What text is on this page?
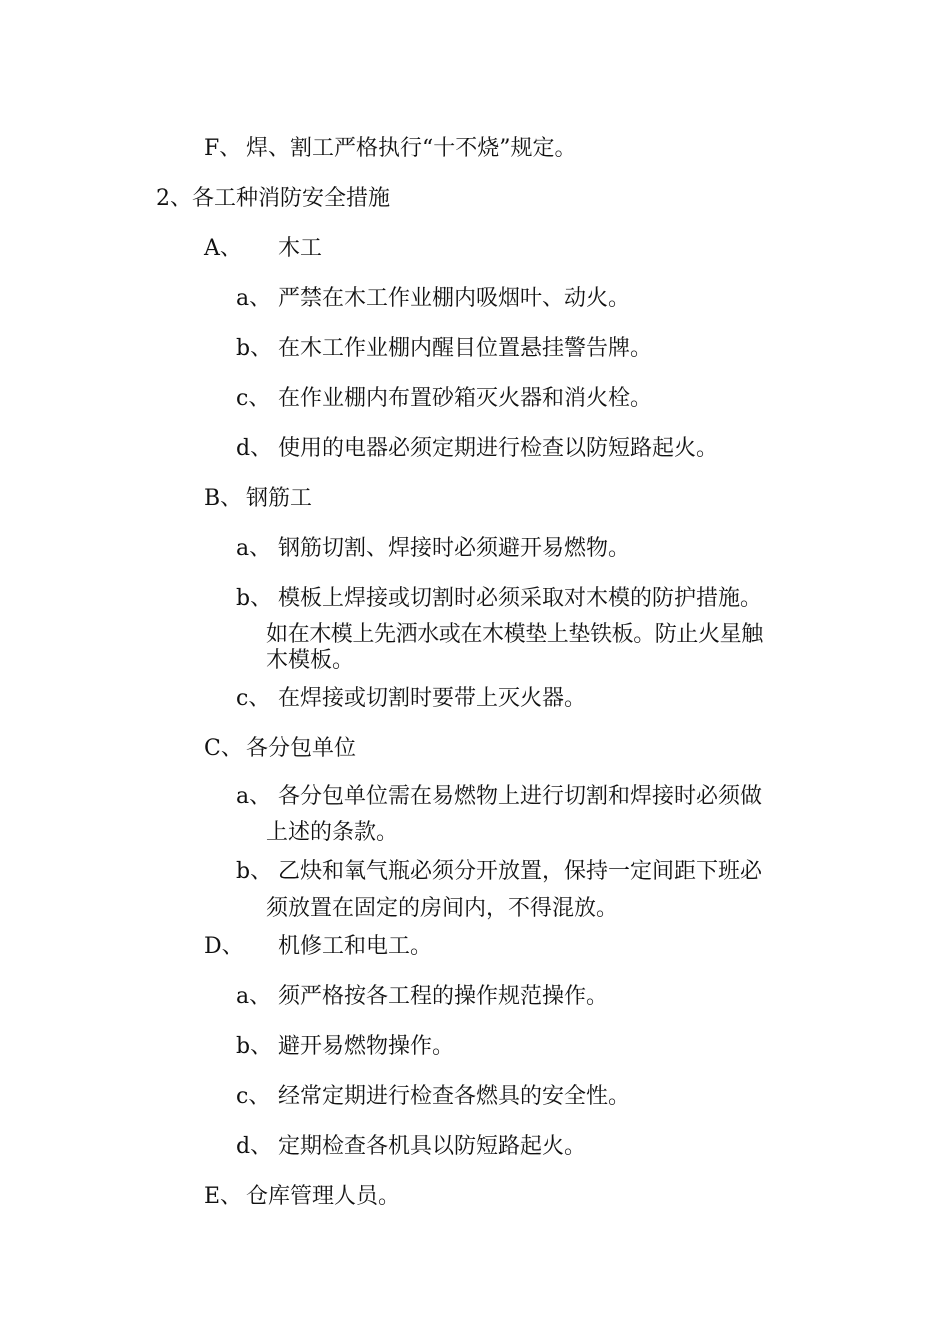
F、 焊、割工严格执行“十不烧”规定。
2、各工种消防安全措施
A、 木工
a、 严禁在木工作业棚内吸烟叶、动火。
b、 在木工作业棚内醒目位置悬挂警告牌。
c、 在作业棚内布置砂箱灭火器和消火栓。
d、 使用的电器必须定期进行检查以防短路起火。
B、 钢筋工
a、 钢筋切割、焊接时必须避开易燃物。
b、 模板上焊接或切割时必须采取对木模的防护措施。
如在木模上先洒水或在木模垫上垫铁板。防止火星触
木模板。
c、 在焊接或切割时要带上灭火器。
C、 各分包单位
a、 各分包单位需在易燃物上进行切割和焊接时必须做
上述的条款。
b、 乙炔和氧气瓶必须分开放置，保持一定间距下班必
须放置在固定的房间内，不得混放。
D、 机修工和电工。
a、 须严格按各工程的操作规范操作。
b、 避开易燃物操作。
c、 经常定期进行检查各燃具的安全性。
d、 定期检查各机具以防短路起火。
E、 仓库管理人员。
